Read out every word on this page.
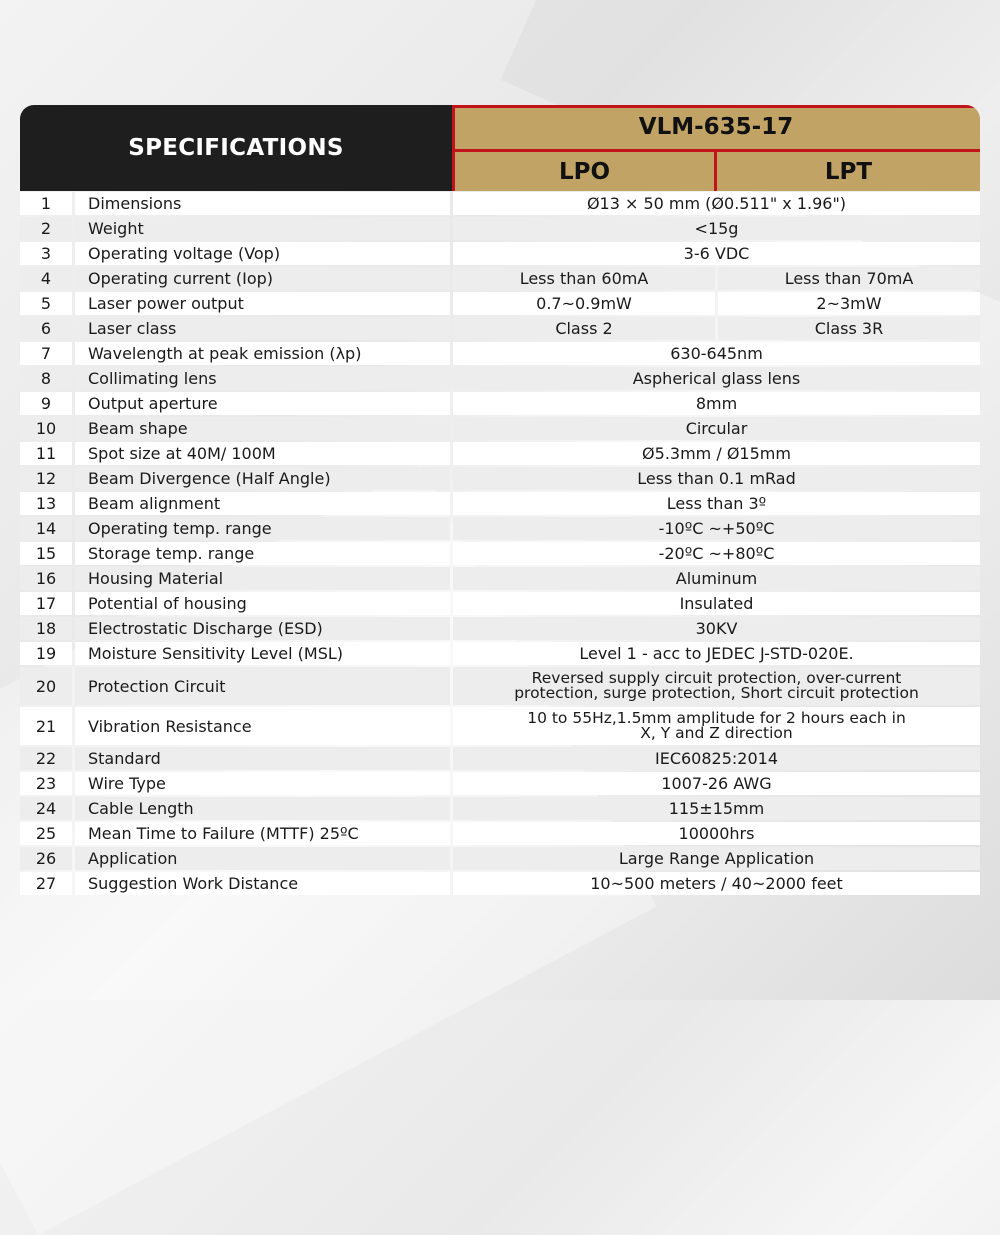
SPECIFICATIONS
VLM-635-17
LPO	LPT
1	Dimensions	Ø13 × 50 mm (Ø0.511" x 1.96")
2	Weight	<15g
3	Operating voltage (Vop)	3-6 VDC
4	Operating current (Iop)	Less than 60mA	Less than 70mA
5	Laser power output	0.7~0.9mW	2~3mW
6	Laser class	Class 2	Class 3R
7	Wavelength at peak emission (λp)	630-645nm
8	Collimating lens	Aspherical glass lens
9	Output aperture	8mm
10	Beam shape	Circular
11	Spot size at 40M/ 100M	Ø5.3mm / Ø15mm
12	Beam Divergence (Half Angle)	Less than 0.1 mRad
13	Beam alignment	Less than 3º
14	Operating temp. range	-10ºC ~+50ºC
15	Storage temp. range	-20ºC ~+80ºC
16	Housing Material	Aluminum
17	Potential of housing	Insulated
18	Electrostatic Discharge (ESD)	30KV
19	Moisture Sensitivity Level (MSL)	Level 1 - acc to JEDEC J-STD-020E.
20	Protection Circuit	Reversed supply circuit protection, over-current
protection, surge protection, Short circuit protection
21	Vibration Resistance	10 to 55Hz,1.5mm amplitude for 2 hours each in
X, Y and Z direction
22	Standard	IEC60825:2014
23	Wire Type	1007-26 AWG
24	Cable Length	115±15mm
25	Mean Time to Failure (MTTF) 25ºC	10000hrs
26	Application	Large Range Application
27	Suggestion Work Distance	10~500 meters / 40~2000 feet
